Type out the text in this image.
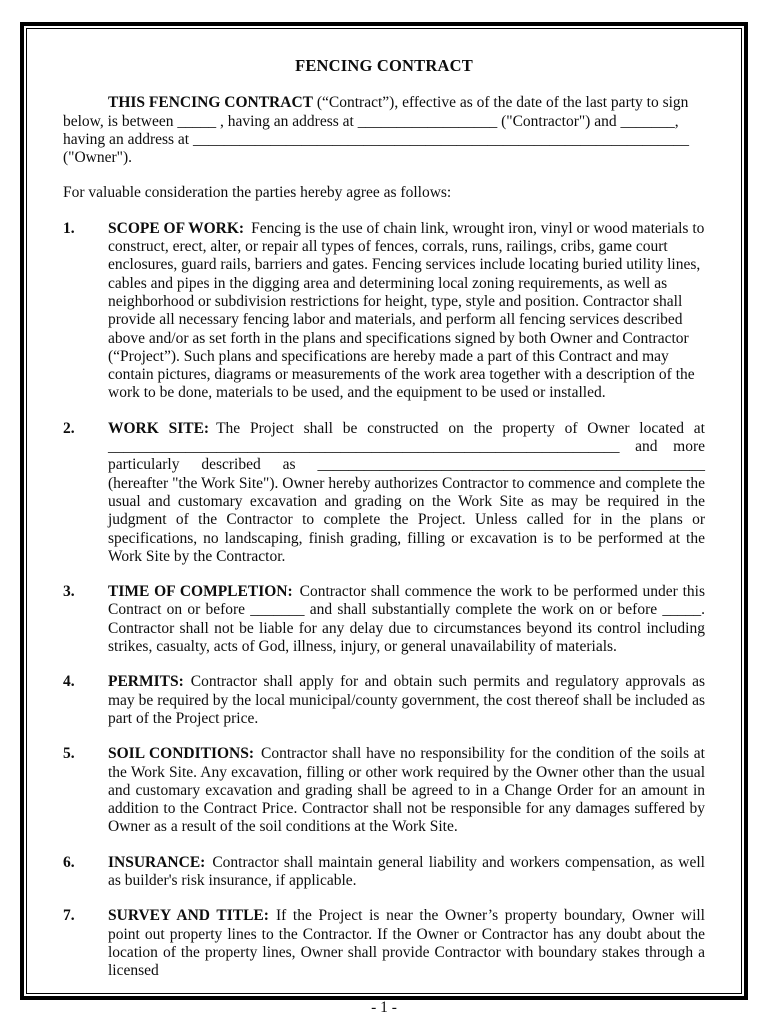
FENCING CONTRACT

THIS FENCING CONTRACT (“Contract”), effective as of the date of the last party to sign below, is between _____ , having an address at __________________ ("Contractor") and _______, having an address at ________________________________________________________________ ("Owner").

For valuable consideration the parties hereby agree as follows:

1.	SCOPE OF WORK: Fencing is the use of chain link, wrought iron, vinyl or wood materials to construct, erect, alter, or repair all types of fences, corrals, runs, railings, cribs, game court enclosures, guard rails, barriers and gates. Fencing services include locating buried utility lines, cables and pipes in the digging area and determining local zoning requirements, as well as neighborhood or subdivision restrictions for height, type, style and position. Contractor shall provide all necessary fencing labor and materials, and perform all fencing services described above and/or as set forth in the plans and specifications signed by both Owner and Contractor (“Project”). Such plans and specifications are hereby made a part of this Contract and may contain pictures, diagrams or measurements of the work area together with a description of the work to be done, materials to be used, and the equipment to be used or installed.

2.	WORK SITE: The Project shall be constructed on the property of Owner located at __________________________________________________________________ and more particularly described as __________________________________________________ (hereafter "the Work Site"). Owner hereby authorizes Contractor to commence and complete the usual and customary excavation and grading on the Work Site as may be required in the judgment of the Contractor to complete the Project. Unless called for in the plans or specifications, no landscaping, finish grading, filling or excavation is to be performed at the Work Site by the Contractor.

3.	TIME OF COMPLETION: Contractor shall commence the work to be performed under this Contract on or before _______ and shall substantially complete the work on or before _____. Contractor shall not be liable for any delay due to circumstances beyond its control including strikes, casualty, acts of God, illness, injury, or general unavailability of materials.

4.	PERMITS: Contractor shall apply for and obtain such permits and regulatory approvals as may be required by the local municipal/county government, the cost thereof shall be included as part of the Project price.

5.	SOIL CONDITIONS: Contractor shall have no responsibility for the condition of the soils at the Work Site. Any excavation, filling or other work required by the Owner other than the usual and customary excavation and grading shall be agreed to in a Change Order for an amount in addition to the Contract Price. Contractor shall not be responsible for any damages suffered by Owner as a result of the soil conditions at the Work Site.

6.	INSURANCE: Contractor shall maintain general liability and workers compensation, as well as builder's risk insurance, if applicable.

7.	SURVEY AND TITLE: If the Project is near the Owner’s property boundary, Owner will point out property lines to the Contractor. If the Owner or Contractor has any doubt about the location of the property lines, Owner shall provide Contractor with boundary stakes through a licensed

- 1 -
